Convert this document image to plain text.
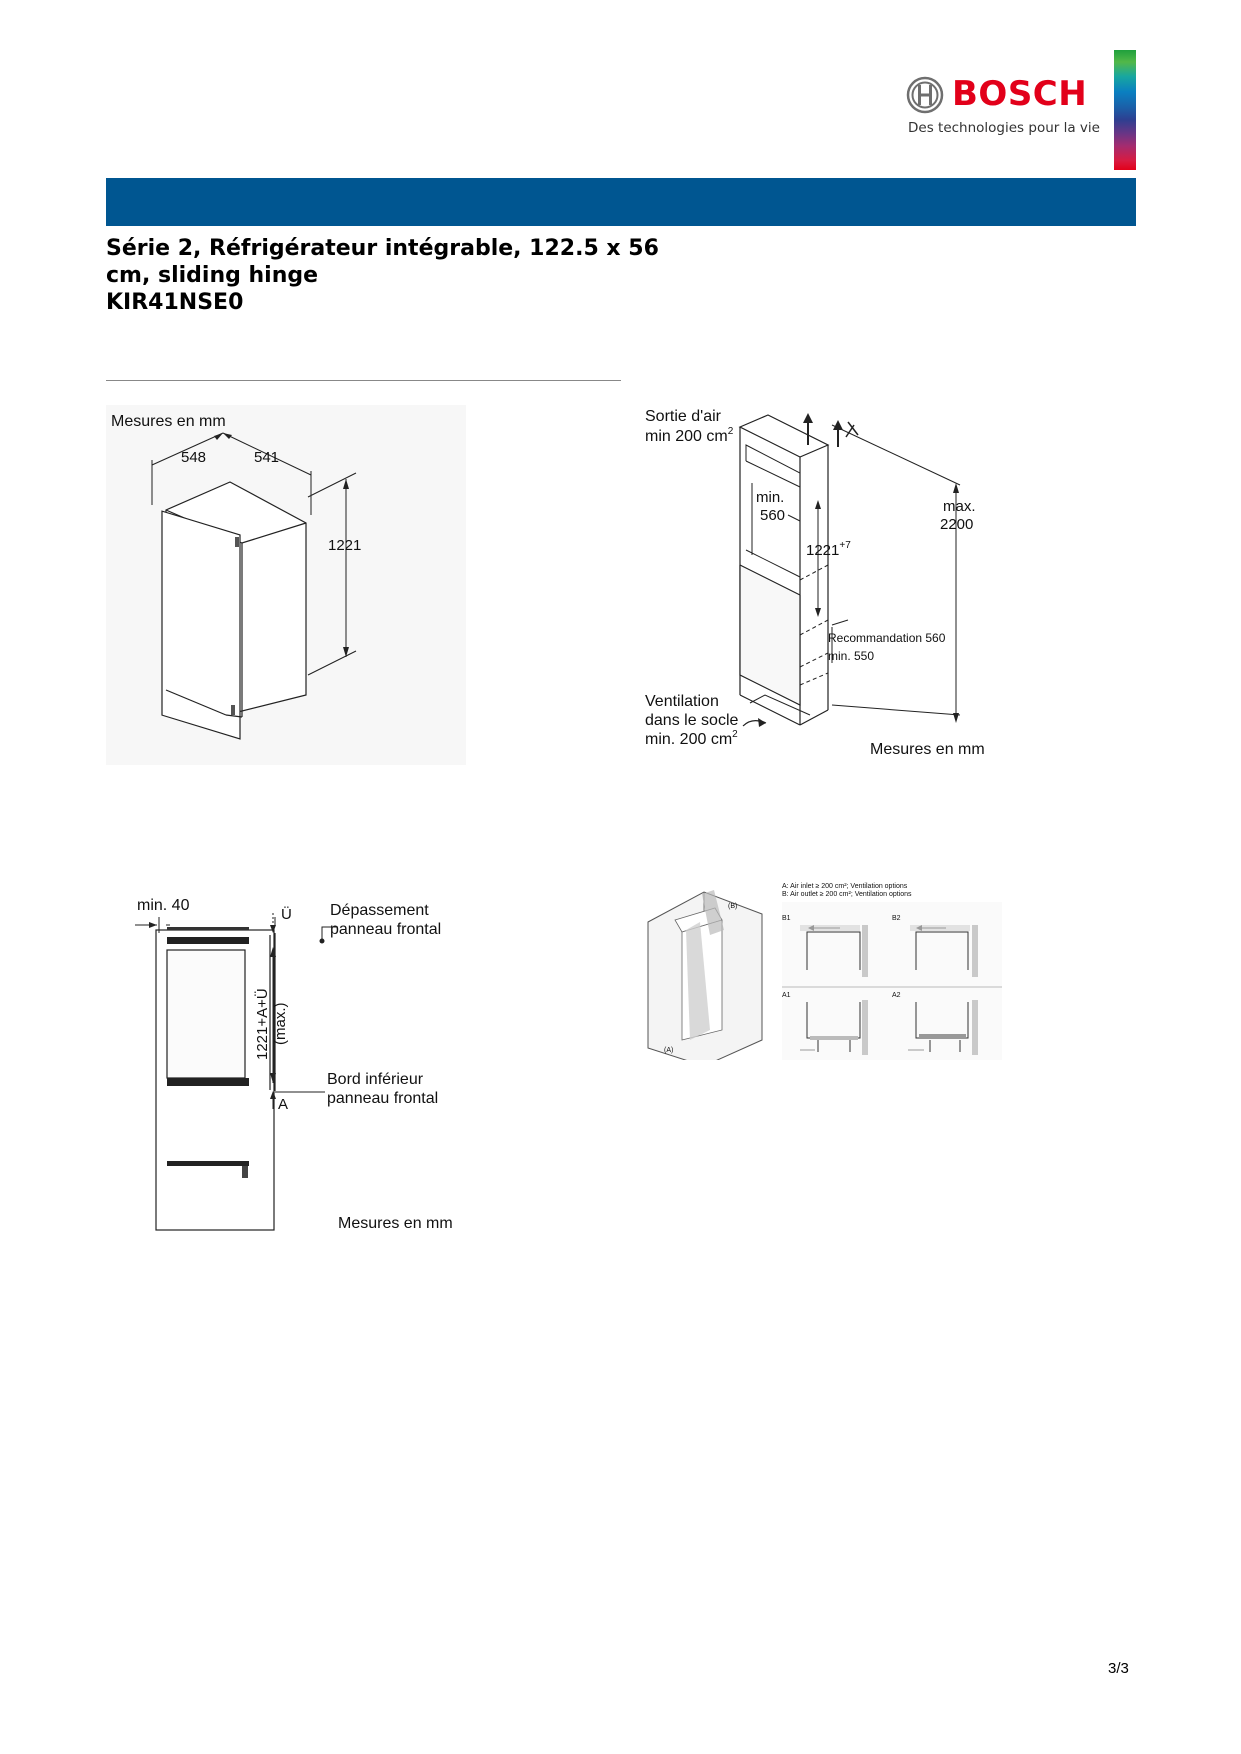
BOSCH
Des technologies pour la vie
Série 2, Réfrigérateur intégrable, 122.5 x 56
cm, sliding hinge
KIR41NSE0
Mesures en mm
548	541
1221
Sortie d'air
min 200 $cm^2$
min.
560
$1221^{+7}$
max.
2200
Recommandation 560
min. 550
Ventilation
dans le socle
min. 200 $cm^2$
Mesures en mm
min. 40
Ü
1221+A+Ü (max.)
A
Dépassement
panneau frontal
Bord inférieur
panneau frontal
Mesures en mm
A: Air inlet ≥ 200 cm²; Ventilation options
B: Air outlet ≥ 200 cm²; Ventilation options
(B)
(A)
B1	B2
A1	A2
3/3
